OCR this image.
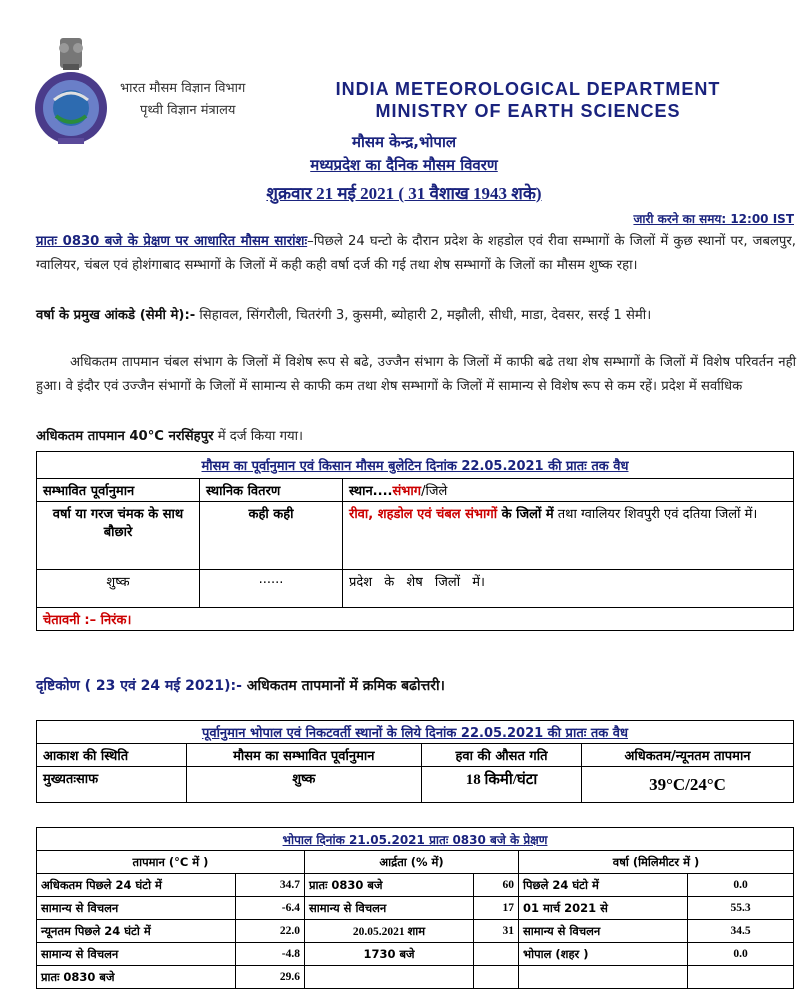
भारत मौसम विज्ञान विभाग
पृथ्वी विज्ञान मंत्रालय
INDIA METEOROLOGICAL DEPARTMENT
MINISTRY OF EARTH SCIENCES
मौसम केन्द्र,भोपाल
मध्यप्रदेश का दैनिक मौसम विवरण
शुक्रवार 21 मई 2021 ( 31 वैशाख 1943 शके)
जारी करने का समय: 12:00 IST
प्रातः 0830 बजे के प्रेक्षण पर आधारित मौसम सारांशः–पिछले 24 घन्टो के दौरान प्रदेश के शहडोल एवं रीवा सम्भागों के जिलों में कुछ स्थानों पर, जबलपुर, ग्वालियर, चंबल एवं होशंगाबाद सम्भागों के जिलों में कही कही वर्षा दर्ज की गई तथा शेष सम्भागों के जिलों का मौसम शुष्क रहा।
वर्षा के प्रमुख आंकडे (सेमी मे):- सिहावल, सिंगरौली, चितरंगी 3, कुसमी, ब्योहारी 2, मझौली, सीधी, माडा, देवसर, सरई 1 सेमी।
अधिकतम तापमान चंबल संभाग के जिलों में विशेष रूप से बढे, उज्जैन संभाग के जिलों में काफी बढे तथा शेष सम्भागों के जिलों में विशेष परिवर्तन नही हुआ। वे इंदौर एवं उज्जैन संभागों के जिलों में सामान्य से काफी कम तथा शेष सम्भागों के जिलों में सामान्य से विशेष रूप से कम रहें। प्रदेश में सर्वाधिक
अधिकतम तापमान 40°C नरसिंहपुर में दर्ज किया गया।
मौसम का पूर्वानुमान एवं किसान मौसम बुलेटिन दिनांक 22.05.2021 की प्रातः तक वैध		
सम्भावित पूर्वानुमान	स्थानिक वितरण	स्थान....संभाग/जिले
वर्षा या गरज चंमक के साथ बौछारे	कही कही	रीवा, शहडोल एवं चंबल संभागों के जिलों में तथा ग्वालियर शिवपुरी एवं दतिया जिलों में।
शुष्क	......	प्रदेश के शेष जिलों में।
चेतावनी :– निरंक।		
दृष्टिकोण ( 23 एवं 24 मई 2021):- अधिकतम तापमानों में क्रमिक बढोत्तरी।
पूर्वानुमान भोपाल एवं निकटवर्ती स्थानों के लिये दिनांक 22.05.2021 की प्रातः तक वैध			
आकाश की स्थिति	मौसम का सम्भावित पूर्वानुमान	हवा की औसत गति	अधिकतम/न्यूनतम तापमान
मुख्यतःसाफ	शुष्क	18 किमी/घंटा	39°C/24°C
भोपाल दिनांक 21.05.2021 प्रातः 0830 बजे के प्रेक्षण					
तापमान (°C में )		आर्द्रता (% में)		वर्षा (मिलिमीटर में )	
अधिकतम पिछले 24 घंटो में	34.7	प्रातः 0830 बजे	60	पिछले 24 घंटो में	0.0
सामान्य से विचलन	-6.4	सामान्य से विचलन	17	01 मार्च 2021 से	55.3
न्यूनतम पिछले 24 घंटो में	22.0	20.05.2021 शाम	31	सामान्य से विचलन	34.5
सामान्य से विचलन	-4.8	1730 बजे		भोपाल (शहर )	0.0
प्रातः 0830 बजे	29.6				
